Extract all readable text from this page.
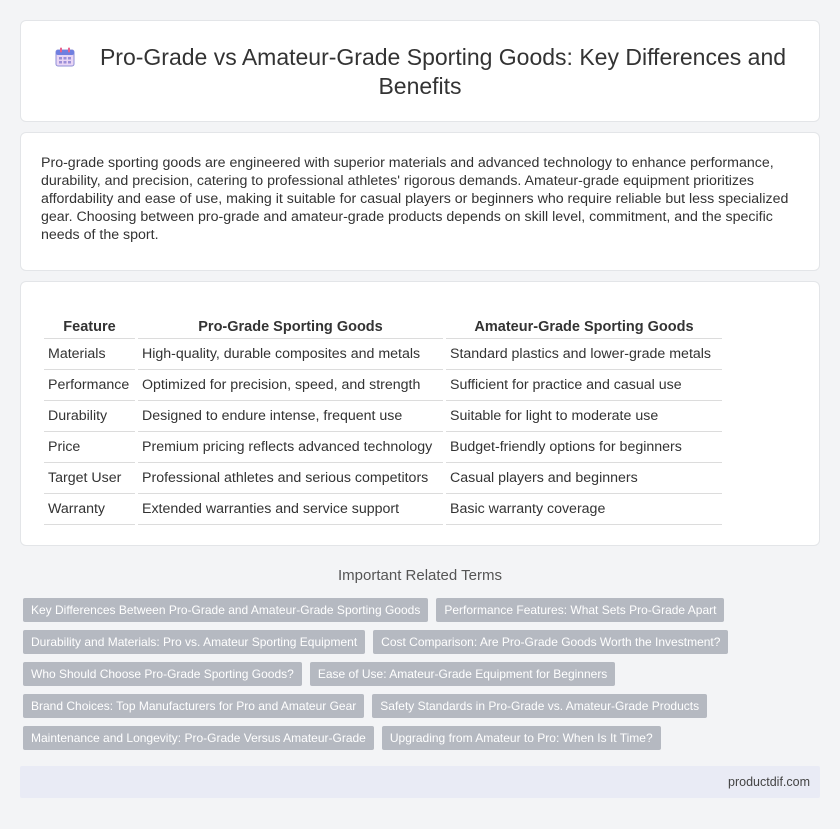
Pro-Grade vs Amateur-Grade Sporting Goods: Key Differences and Benefits

Pro-grade sporting goods are engineered with superior materials and advanced technology to enhance performance, durability, and precision, catering to professional athletes' rigorous demands. Amateur-grade equipment prioritizes affordability and ease of use, making it suitable for casual players or beginners who require reliable but less specialized gear. Choosing between pro-grade and amateur-grade products depends on skill level, commitment, and the specific needs of the sport.

Feature		Pro-Grade Sporting Goods		Amateur-Grade Sporting Goods
Materials		High-quality, durable composites and metals		Standard plastics and lower-grade metals
Performance		Optimized for precision, speed, and strength		Sufficient for practice and casual use
Durability		Designed to endure intense, frequent use		Suitable for light to moderate use
Price		Premium pricing reflects advanced technology		Budget-friendly options for beginners
Target User		Professional athletes and serious competitors		Casual players and beginners
Warranty		Extended warranties and service support		Basic warranty coverage
Important Related Terms
Key Differences Between Pro-Grade and Amateur-Grade Sporting Goods	Performance Features: What Sets Pro-Grade Apart
Durability and Materials: Pro vs. Amateur Sporting Equipment	Cost Comparison: Are Pro-Grade Goods Worth the Investment?
Who Should Choose Pro-Grade Sporting Goods?	Ease of Use: Amateur-Grade Equipment for Beginners
Brand Choices: Top Manufacturers for Pro and Amateur Gear	Safety Standards in Pro-Grade vs. Amateur-Grade Products
Maintenance and Longevity: Pro-Grade Versus Amateur-Grade	Upgrading from Amateur to Pro: When Is It Time?
productdif.com
